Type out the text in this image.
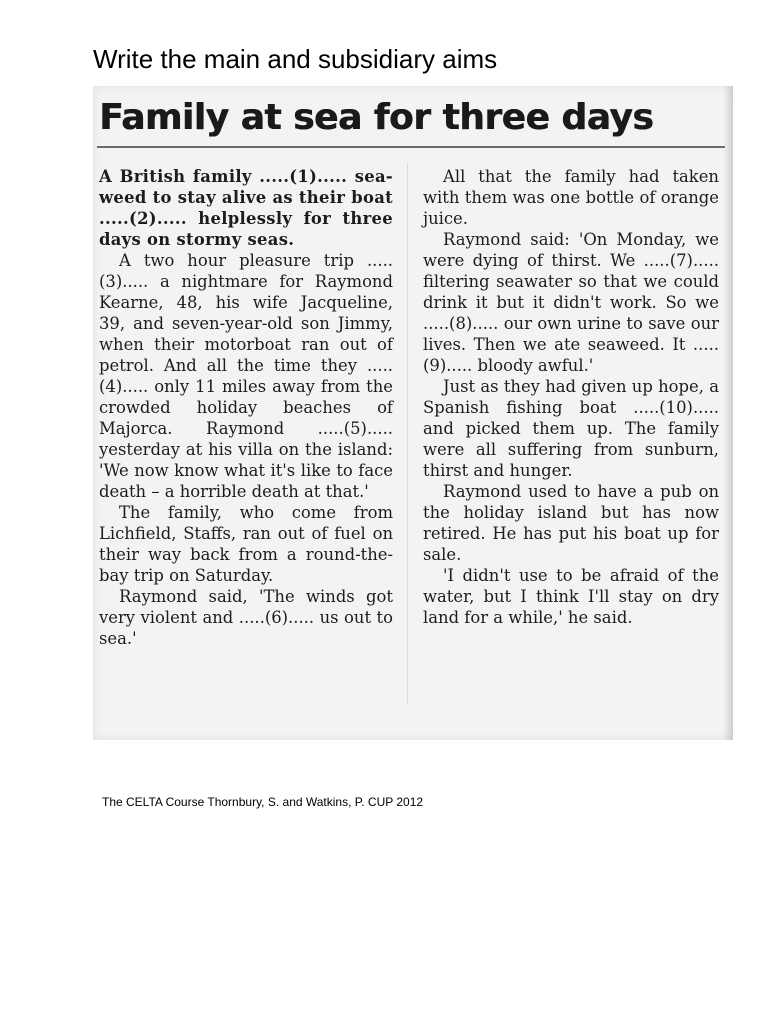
Write the main and subsidiary aims
Family at sea for three days

A British family .....(1)..... sea-weed to stay alive as their boat .....(2)..... helplessly for three days on stormy seas.

A two hour pleasure trip .....(3)..... a nightmare for Raymond Kearne, 48, his wife Jacqueline, 39, and seven-year-old son Jimmy, when their motorboat ran out of petrol. And all the time they .....(4)..... only 11 miles away from the crowded holiday beaches of Majorca. Raymond .....(5)..... yesterday at his villa on the island: 'We now know what it's like to face death – a horrible death at that.'

The family, who come from Lichfield, Staffs, ran out of fuel on their way back from a round-the-bay trip on Saturday.

Raymond said, 'The winds got very violent and .....(6)..... us out to sea.'

All that the family had taken with them was one bottle of orange juice.

Raymond said: 'On Monday, we were dying of thirst. We .....(7)..... filtering seawater so that we could drink it but it didn't work. So we .....(8)..... our own urine to save our lives. Then we ate seaweed. It .....(9)..... bloody awful.'

Just as they had given up hope, a Spanish fishing boat .....(10)..... and picked them up. The family were all suffering from sunburn, thirst and hunger.

Raymond used to have a pub on the holiday island but has now retired. He has put his boat up for sale.

'I didn't use to be afraid of the water, but I think I'll stay on dry land for a while,' he said.

The CELTA Course Thornbury, S. and Watkins, P. CUP 2012
